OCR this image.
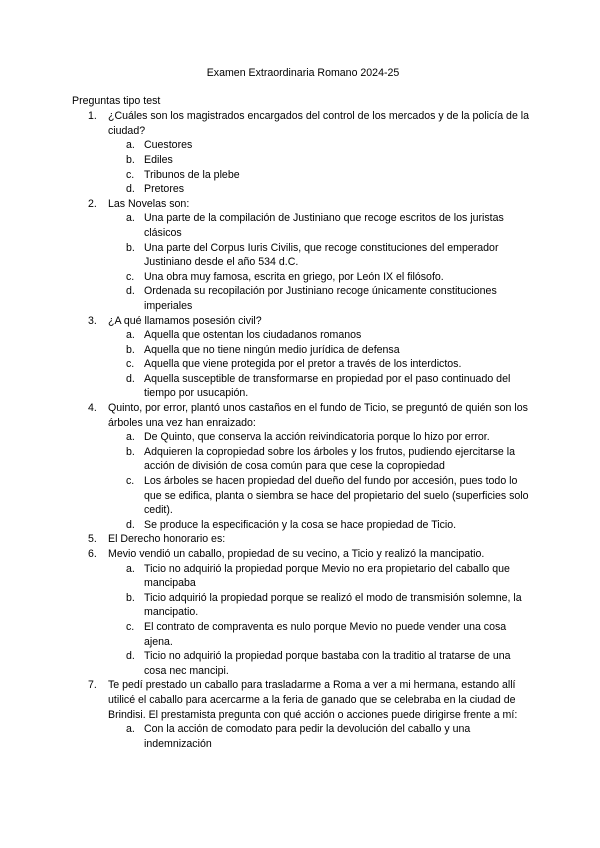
Examen Extraordinaria Romano 2024-25
Preguntas tipo test
1.	¿Cuáles son los magistrados encargados del control de los mercados y de la policía de la ciudad?
a. Cuestores
b. Ediles
c. Tribunos de la plebe
d. Pretores
2.	Las Novelas son:
a. Una parte de la compilación de Justiniano que recoge escritos de los juristas clásicos
b. Una parte del Corpus Iuris Civilis, que recoge constituciones del emperador Justiniano desde el año 534 d.C.
c. Una obra muy famosa, escrita en griego, por León IX el filósofo.
d. Ordenada su recopilación por Justiniano recoge únicamente constituciones imperiales
3.	¿A qué llamamos posesión civil?
a. Aquella que ostentan los ciudadanos romanos
b. Aquella que no tiene ningún medio jurídica de defensa
c. Aquella que viene protegida por el pretor a través de los interdictos.
d. Aquella susceptible de transformarse en propiedad por el paso continuado del tiempo por usucapión.
4.	Quinto, por error, plantó unos castaños en el fundo de Ticio, se preguntó de quién son los árboles una vez han enraizado:
a. De Quinto, que conserva la acción reivindicatoria porque lo hizo por error.
b. Adquieren la copropiedad sobre los árboles y los frutos, pudiendo ejercitarse la acción de división de cosa común para que cese la copropiedad
c. Los árboles se hacen propiedad del dueño del fundo por accesión, pues todo lo que se edifica, planta o siembra se hace del propietario del suelo (superficies solo cedit).
d. Se produce la especificación y la cosa se hace propiedad de Ticio.
5.	El Derecho honorario es:
6.	Mevio vendió un caballo, propiedad de su vecino, a Ticio y realizó la mancipatio.
a. Ticio no adquirió la propiedad porque Mevio no era propietario del caballo que mancipaba
b. Ticio adquirió la propiedad porque se realizó el modo de transmisión solemne, la mancipatio.
c. El contrato de compraventa es nulo porque Mevio no puede vender una cosa ajena.
d. Ticio no adquirió la propiedad porque bastaba con la traditio al tratarse de una cosa nec mancipi.
7.	Te pedí prestado un caballo para trasladarme a Roma a ver a mi hermana, estando allí utilicé el caballo para acercarme a la feria de ganado que se celebraba en la ciudad de Brindisi. El prestamista pregunta con qué acción o acciones puede dirigirse frente a mí:
a. Con la acción de comodato para pedir la devolución del caballo y una indemnización
